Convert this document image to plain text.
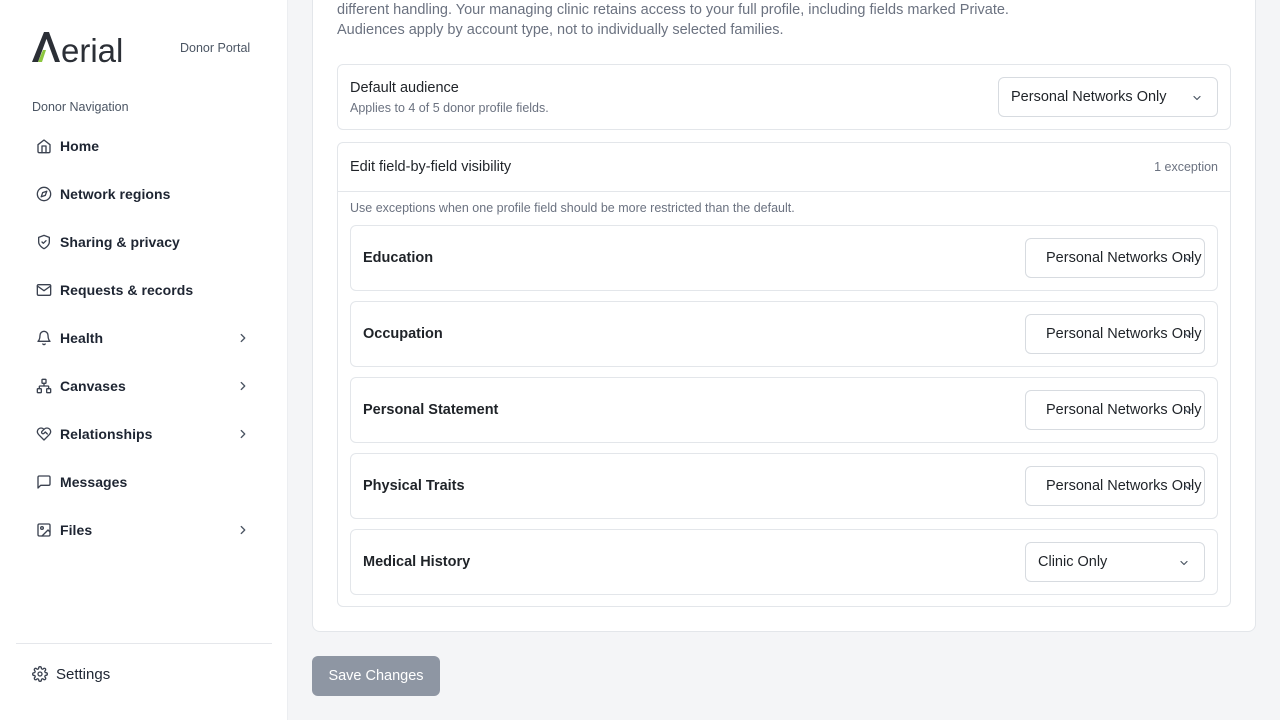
erial	Donor Portal
Donor Navigation
Home
Network regions
Sharing & privacy
Requests & records
Health
Canvases
Relationships
Messages
Files
Settings
different handling. Your managing clinic retains access to your full profile, including fields marked Private. Audiences apply by account type, not to individually selected families.
Default audience
Applies to 4 of 5 donor profile fields.
Personal Networks Only
Edit field-by-field visibility	1 exception
Use exceptions when one profile field should be more restricted than the default.
Education	Personal Networks Only
Occupation	Personal Networks Only
Personal Statement	Personal Networks Only
Physical Traits	Personal Networks Only
Medical History	Clinic Only
Save Changes
